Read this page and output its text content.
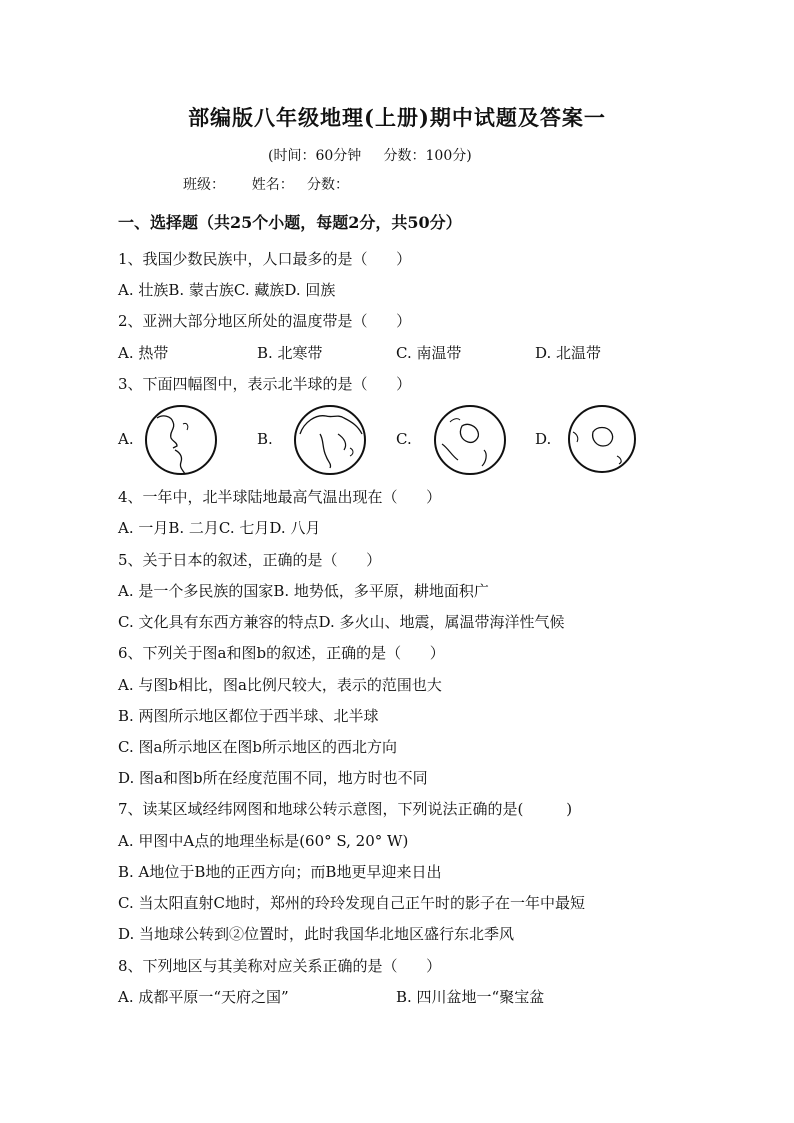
部编版八年级地理(上册)期中试题及答案一
(时间：60分钟     分数：100分)
班级：      姓名：   分数：
一、选择题（共25个小题，每题2分，共50分）
1、我国少数民族中，人口最多的是（      ）
A. 壮族B. 蒙古族C. 藏族D. 回族
2、亚洲大部分地区所处的温度带是（      ）
A. 热带	B. 北寒带	C. 南温带	D. 北温带
3、下面四幅图中，表示北半球的是（      ）
A.	B.	C.	D.
4、一年中，北半球陆地最高气温出现在（      ）
A. 一月B. 二月C. 七月D. 八月
5、关于日本的叙述，正确的是（      ）
A. 是一个多民族的国家B. 地势低，多平原，耕地面积广
C. 文化具有东西方兼容的特点D. 多火山、地震，属温带海洋性气候
6、下列关于图a和图b的叙述，正确的是（      ）
A. 与图b相比，图a比例尺较大，表示的范围也大
B. 两图所示地区都位于西半球、北半球
C. 图a所示地区在图b所示地区的西北方向
D. 图a和图b所在经度范围不同，地方时也不同
7、读某区域经纬网图和地球公转示意图，下列说法正确的是(         )
A. 甲图中A点的地理坐标是(60° S, 20° W)
B. A地位于B地的正西方向；而B地更早迎来日出
C. 当太阳直射C地时，郑州的玲玲发现自己正午时的影子在一年中最短
D. 当地球公转到②位置时，此时我国华北地区盛行东北季风
8、下列地区与其美称对应关系正确的是（      ）
A. 成都平原一“天府之国”	B. 四川盆地一“聚宝盆
